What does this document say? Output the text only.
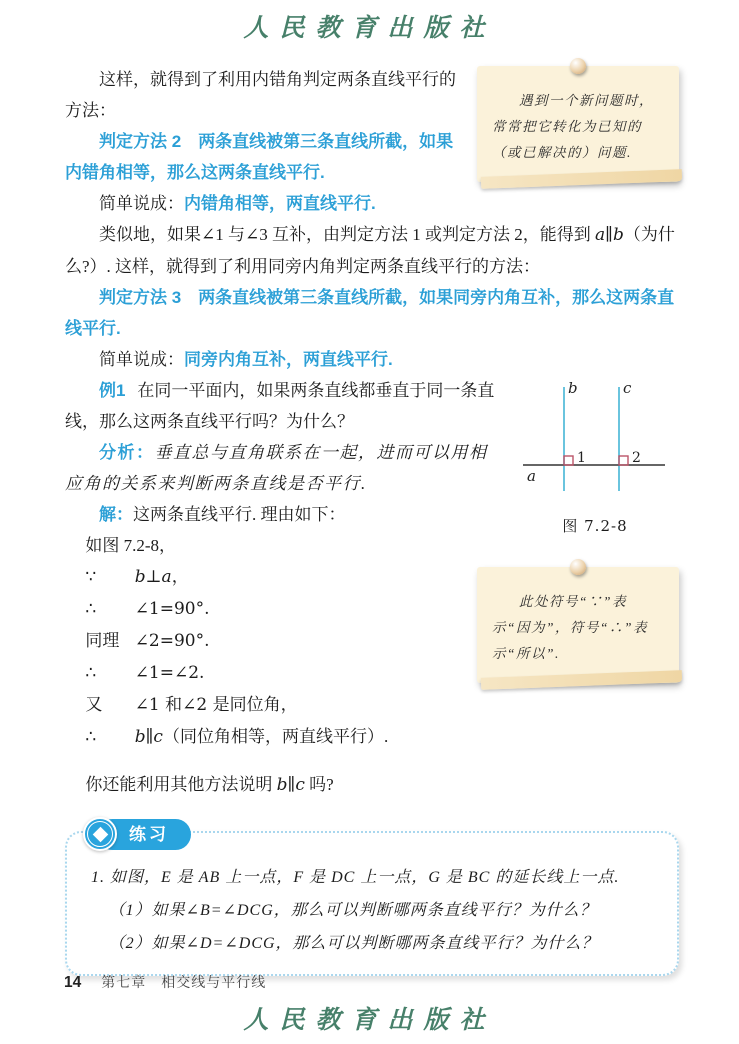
人民教育出版社
遇到一个新问题时，常常把它转化为已知的（或已解决的）问题.

这样，就得到了利用内错角判定两条直线平行的方法：

判定方法 2 两条直线被第三条直线所截，如果内错角相等，那么这两条直线平行.

简单说成：内错角相等，两直线平行.

类似地，如果∠1 与∠3 互补，由判定方法 1 或判定方法 2，能得到 a∥b（为什么?）. 这样，就得到了利用同旁内角判定两条直线平行的方法：

判定方法 3 两条直线被第三条直线所截，如果同旁内角互补，那么这两条直线平行.

简单说成：同旁内角互补，两直线平行.

b	c
a
1	2
图 7.2-8

例1 在同一平面内，如果两条直线都垂直于同一条直线，那么这两条直线平行吗？为什么？

分析：垂直总与直角联系在一起，进而可以用相应角的关系来判断两条直线是否平行.

解：这两条直线平行. 理由如下：

如图 7.2-8，

此处符号“∵”表示“因为”，符号“∴”表示“所以”.

∵ b⊥a，

∴ ∠1=90°.

同理 ∠2=90°.

∴ ∠1=∠2.

又 ∠1 和∠2 是同位角，

∴ b∥c（同位角相等，两直线平行）.

你还能利用其他方法说明 b∥c 吗?

练习

1. 如图，E 是 AB 上一点，F 是 DC 上一点，G 是 BC 的延长线上一点.

（1）如果∠B=∠DCG，那么可以判断哪两条直线平行？为什么？

（2）如果∠D=∠DCG，那么可以判断哪两条直线平行？为什么？

14 第七章　相交线与平行线
人民教育出版社
